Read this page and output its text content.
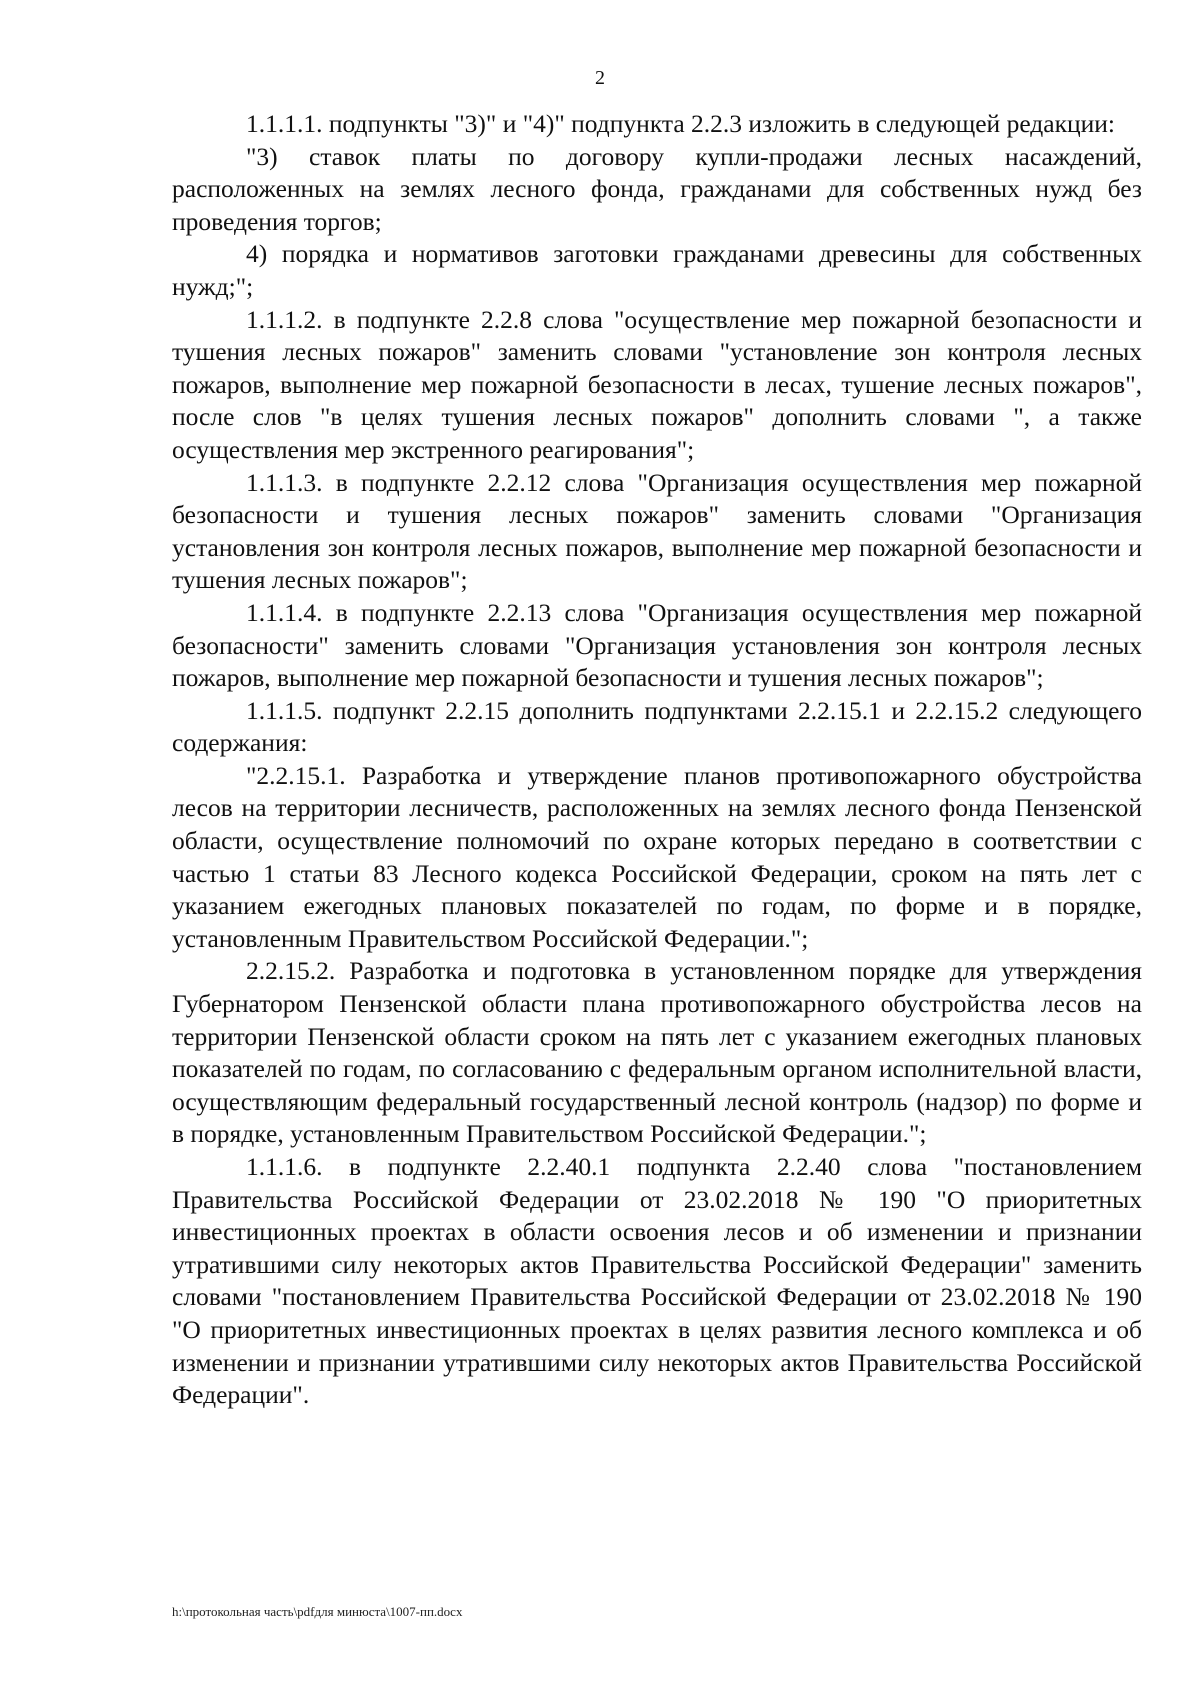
2

1.1.1.1. подпункты "3)" и "4)" подпункта 2.2.3 изложить в следующей редакции:

"3) ставок платы по договору купли-продажи лесных насаждений, расположенных на землях лесного фонда, гражданами для собственных нужд без проведения торгов;

4) порядка и нормативов заготовки гражданами древесины для собственных нужд;";

1.1.1.2. в подпункте 2.2.8 слова "осуществление мер пожарной безопасности и тушения лесных пожаров" заменить словами "установление зон контроля лесных пожаров, выполнение мер пожарной безопасности в лесах, тушение лесных пожаров", после слов "в целях тушения лесных пожаров" дополнить словами ", а также осуществления мер экстренного реагирования";

1.1.1.3. в подпункте 2.2.12 слова "Организация осуществления мер пожарной безопасности и тушения лесных пожаров" заменить словами "Организация установления зон контроля лесных пожаров, выполнение мер пожарной безопасности и тушения лесных пожаров";

1.1.1.4. в подпункте 2.2.13 слова "Организация осуществления мер пожарной безопасности" заменить словами "Организация установления зон контроля лесных пожаров, выполнение мер пожарной безопасности и тушения лесных пожаров";

1.1.1.5. подпункт 2.2.15 дополнить подпунктами 2.2.15.1 и 2.2.15.2 следующего содержания:

"2.2.15.1. Разработка и утверждение планов противопожарного обустройства лесов на территории лесничеств, расположенных на землях лесного фонда Пензенской области, осуществление полномочий по охране которых передано в соответствии с частью 1 статьи 83 Лесного кодекса Российской Федерации, сроком на пять лет с указанием ежегодных плановых показателей по годам, по форме и в порядке, установленным Правительством Российской Федерации.";

2.2.15.2. Разработка и подготовка в установленном порядке для утверждения Губернатором Пензенской области плана противопожарного обустройства лесов на территории Пензенской области сроком на пять лет с указанием ежегодных плановых показателей по годам, по согласованию с федеральным органом исполнительной власти, осуществляющим федеральный государственный лесной контроль (надзор) по форме и в порядке, установленным Правительством Российской Федерации.";

1.1.1.6. в подпункте 2.2.40.1 подпункта 2.2.40 слова "постановлением Правительства Российской Федерации от 23.02.2018 № 190 "О приоритетных инвестиционных проектах в области освоения лесов и об изменении и признании утратившими силу некоторых актов Правительства Российской Федерации" заменить словами "постановлением Правительства Российской Федерации от 23.02.2018 № 190 "О приоритетных инвестиционных проектах в целях развития лесного комплекса и об изменении и признании утратившими силу некоторых актов Правительства Российской Федерации".

h:\протокольная часть\pdfдля минюста\1007-пп.docx
